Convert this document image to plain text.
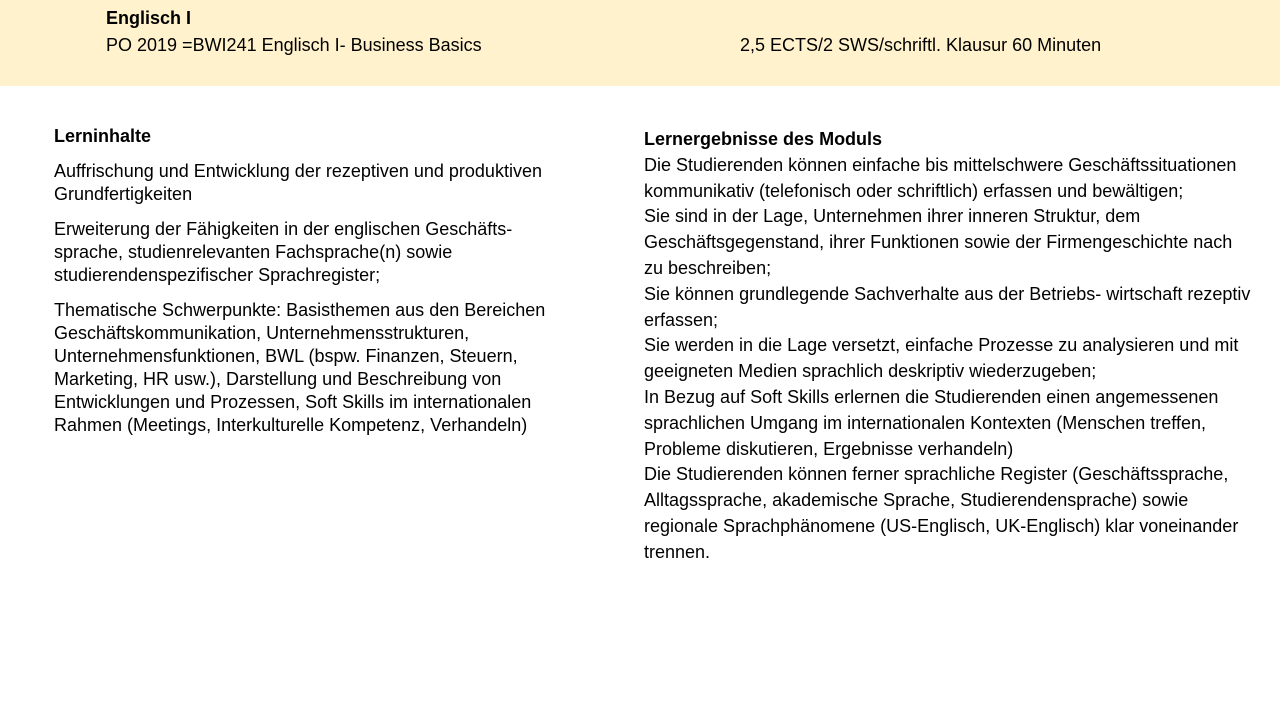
Englisch I
PO 2019 =BWI241 Englisch I- Business Basics	2,5 ECTS/2 SWS/schriftl. Klausur 60 Minuten

Lerninhalte

Auffrischung und Entwicklung der rezeptiven und produktiven Grundfertigkeiten

Erweiterung der Fähigkeiten in der englischen Geschäfts- sprache, studienrelevanten Fachsprache(n) sowie studierendenspezifischer Sprachregister;

Thematische Schwerpunkte: Basisthemen aus den Bereichen Geschäftskommunikation, Unternehmensstrukturen, Unternehmensfunktionen, BWL (bspw. Finanzen, Steuern, Marketing, HR usw.), Darstellung und Beschreibung von Entwicklungen und Prozessen, Soft Skills im internationalen Rahmen (Meetings, Interkulturelle Kompetenz, Verhandeln)

Lernergebnisse des Moduls

Die Studierenden können einfache bis mittelschwere Geschäftssituationen kommunikativ (telefonisch oder schriftlich) erfassen und bewältigen;

Sie sind in der Lage, Unternehmen ihrer inneren Struktur, dem Geschäftsgegenstand, ihrer Funktionen sowie der Firmengeschichte nach zu beschreiben;

Sie können grundlegende Sachverhalte aus der Betriebs- wirtschaft rezeptiv erfassen;

Sie werden in die Lage versetzt, einfache Prozesse zu analysieren und mit geeigneten Medien sprachlich deskriptiv wiederzugeben;

In Bezug auf Soft Skills erlernen die Studierenden einen angemessenen sprachlichen Umgang im internationalen Kontexten (Menschen treffen, Probleme diskutieren, Ergebnisse verhandeln)

Die Studierenden können ferner sprachliche Register (Geschäftssprache, Alltagssprache, akademische Sprache, Studierendensprache) sowie regionale Sprachphänomene (US-Englisch, UK-Englisch) klar voneinander trennen.
